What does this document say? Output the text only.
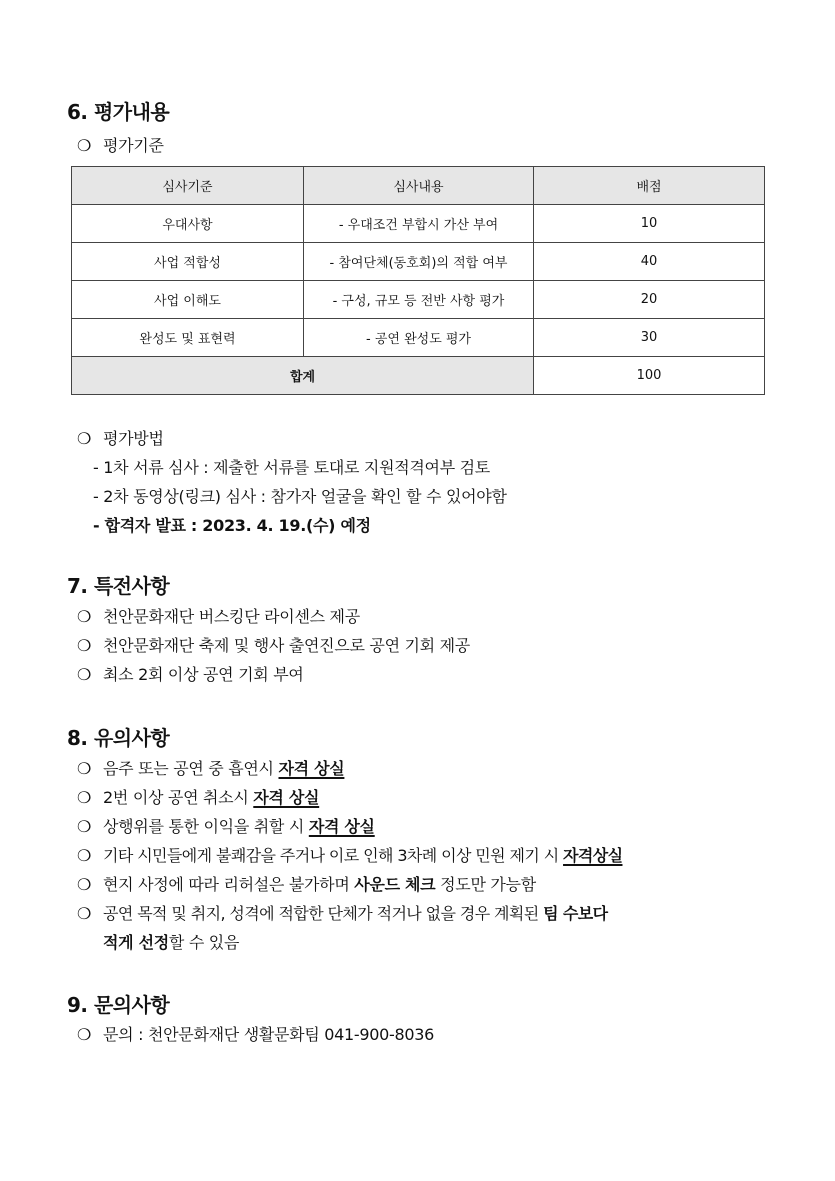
6. 평가내용
❍ 평가기준
심사기준	심사내용	배점
우대사항	- 우대조건 부합시 가산 부여	10
사업 적합성	- 참여단체(동호회)의 적합 여부	40
사업 이해도	- 구성, 규모 등 전반 사항 평가	20
완성도 및 표현력	- 공연 완성도 평가	30
합계		100
❍ 평가방법
- 1차 서류 심사 : 제출한 서류를 토대로 지원적격여부 검토
- 2차 동영상(링크) 심사 : 참가자 얼굴을 확인 할 수 있어야함
- 합격자 발표 : 2023. 4. 19.(수) 예정
7. 특전사항
❍ 천안문화재단 버스킹단 라이센스 제공
❍ 천안문화재단 축제 및 행사 출연진으로 공연 기회 제공
❍ 최소 2회 이상 공연 기회 부여
8. 유의사항
❍ 음주 또는 공연 중 흡연시 자격 상실
❍ 2번 이상 공연 취소시 자격 상실
❍ 상행위를 통한 이익을 취할 시 자격 상실
❍ 기타 시민들에게 불쾌감을 주거나 이로 인해 3차례 이상 민원 제기 시 자격상실
❍ 현지 사정에 따라 리허설은 불가하며 사운드 체크 정도만 가능함
❍ 공연 목적 및 취지, 성격에 적합한 단체가 적거나 없을 경우 계획된 팀 수보다
적게 선정할 수 있음
9. 문의사항
❍ 문의 : 천안문화재단 생활문화팀 041-900-8036
